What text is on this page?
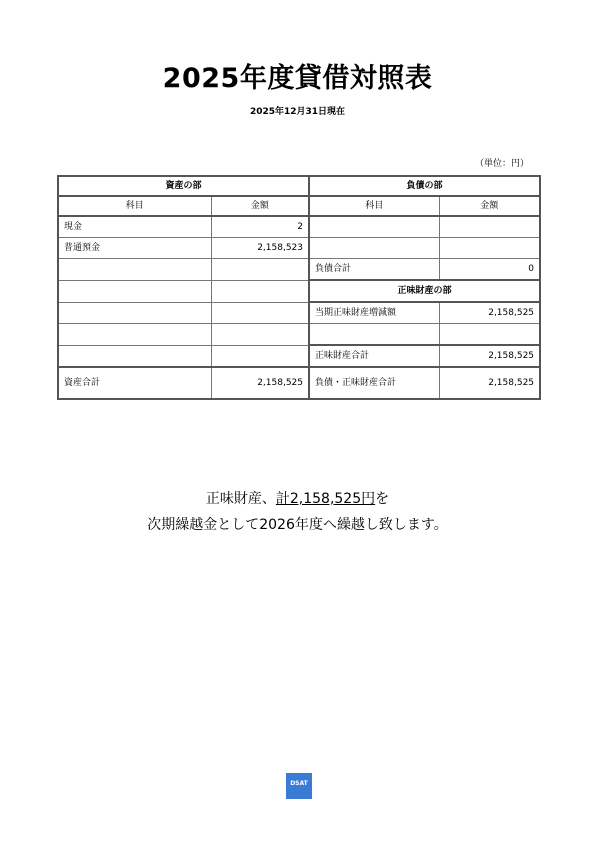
2025年度貸借対照表
2025年12月31日現在
（単位：円）
資産の部		負債の部	
科目	金額	科目	金額
現金	2		
普通預金	2,158,523		
		負債合計	0
		正味財産の部	
		当期正味財産増減額	2,158,525

		正味財産合計	2,158,525
資産合計	2,158,525	負債・正味財産合計	2,158,525
正味財産、計2,158,525円を
次期繰越金として2026年度へ繰越し致します。
DSAT
